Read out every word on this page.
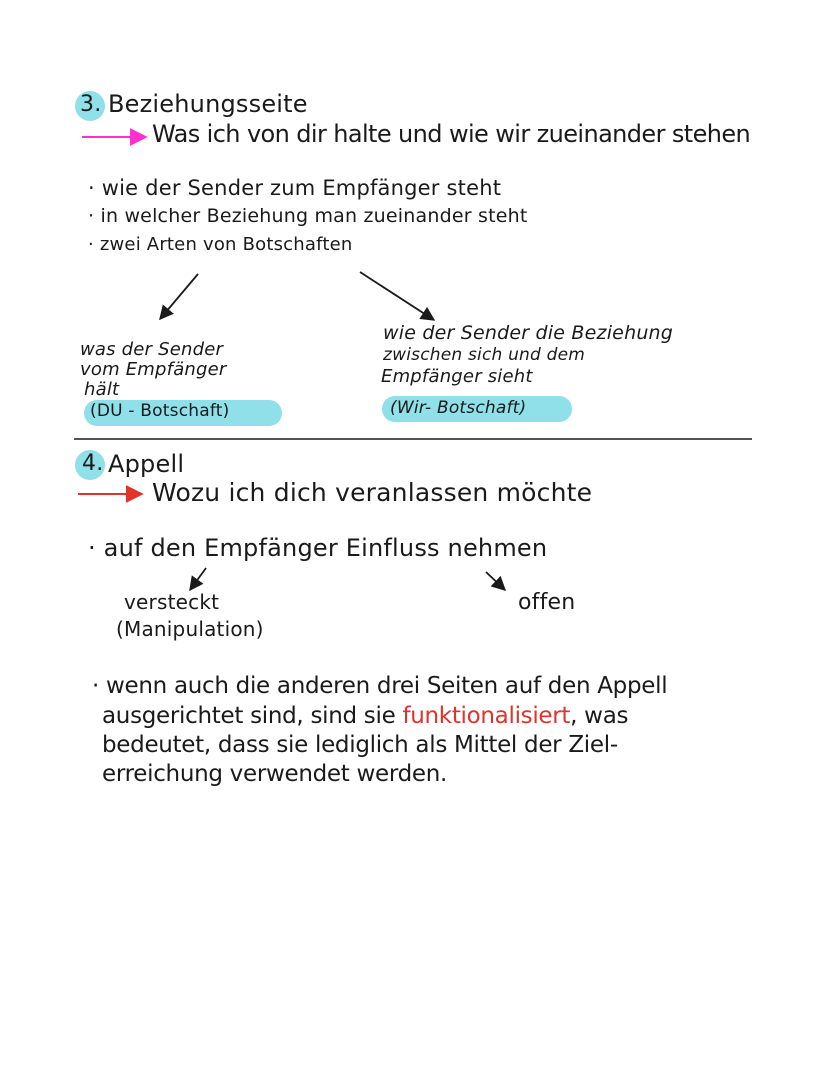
3. Beziehungsseite
Was ich von dir halte und wie wir zueinander stehen
· wie der Sender zum Empfänger steht
· in welcher Beziehung man zueinander steht
· zwei Arten von Botschaften
was der Sender
vom Empfänger
hält
(DU - Botschaft)
wie der Sender die Beziehung
zwischen sich und dem
Empfänger sieht
(Wir- Botschaft)
4. Appell
Wozu ich dich veranlassen möchte
· auf den Empfänger Einfluss nehmen
versteckt
(Manipulation)
offen
· wenn auch die anderen drei Seiten auf den Appell
ausgerichtet sind, sind sie funktionalisiert, was
bedeutet, dass sie lediglich als Mittel der Ziel-
erreichung verwendet werden.
